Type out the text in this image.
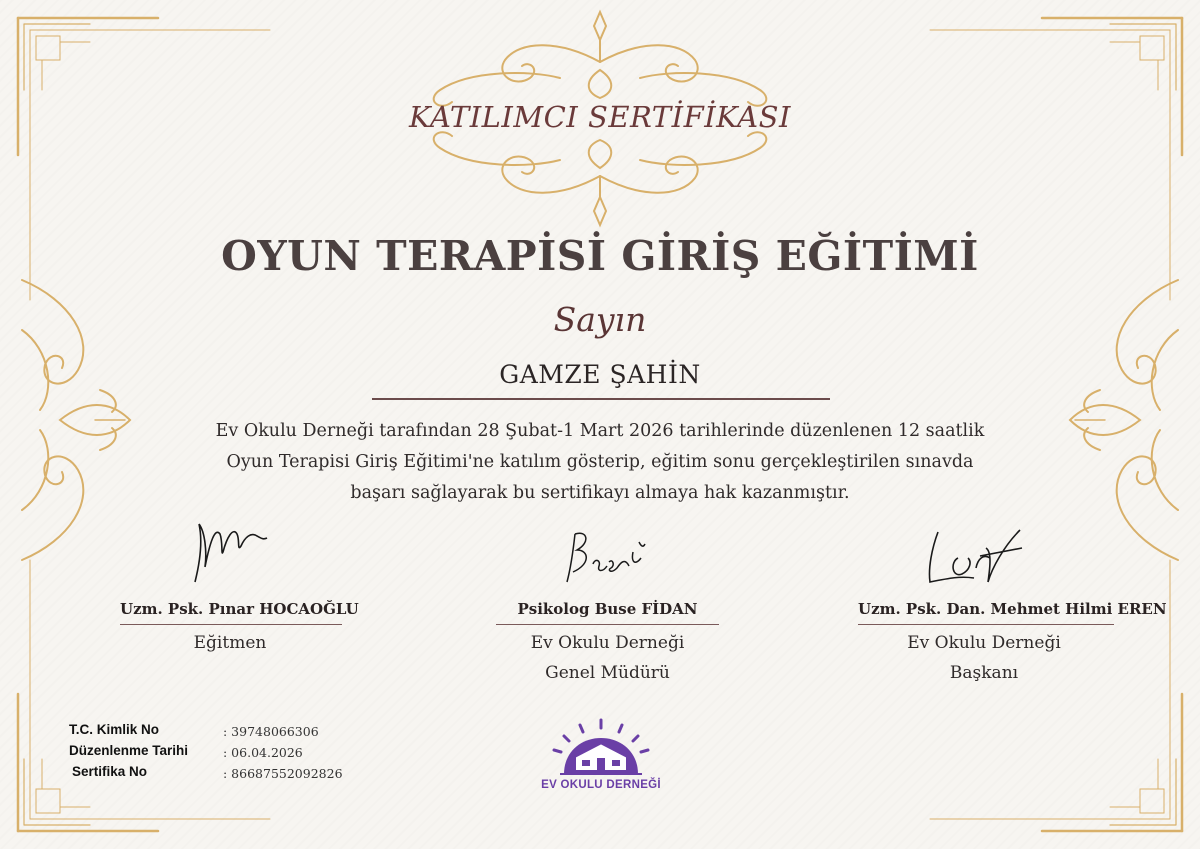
KATILIMCI SERTİFİKASI
OYUN TERAPİSİ GİRİŞ EĞİTİMİ
Sayın
GAMZE ŞAHİN
Ev Okulu Derneği tarafından 28 Şubat-1 Mart 2026 tarihlerinde düzenlenen 12 saatlik
Oyun Terapisi Giriş Eğitimi'ne katılım gösterip, eğitim sonu gerçekleştirilen sınavda
başarı sağlayarak bu sertifikayı almaya hak kazanmıştır.
Uzm. Psk. Pınar HOCAOĞLU
Eğitmen
Psikolog Buse FİDAN
Ev Okulu Derneği
Genel Müdürü
Uzm. Psk. Dan. Mehmet Hilmi EREN
Ev Okulu Derneği
Başkanı
T.C. Kimlik No	: 39748066306
Düzenlenme Tarihi	: 06.04.2026
Sertifika No	: 86687552092826
EV OKULU DERNEĞİ
